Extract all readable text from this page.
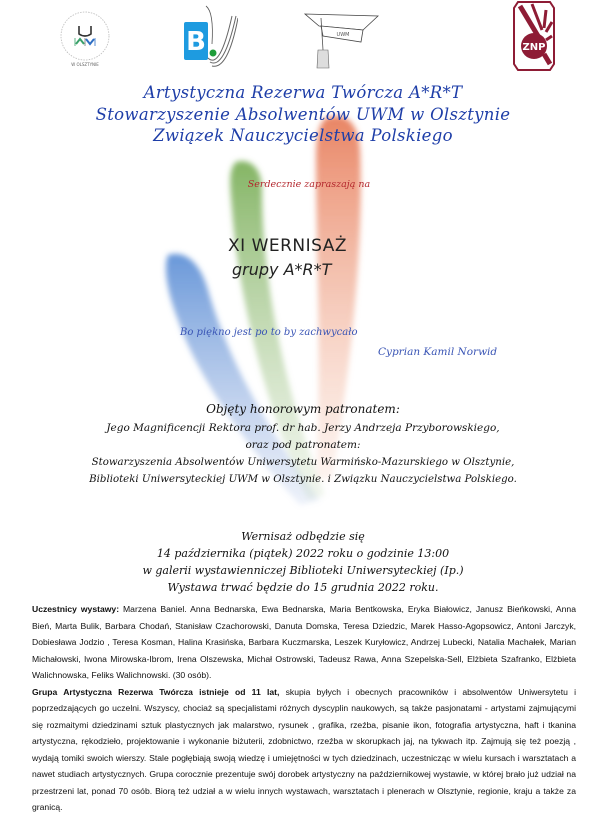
W OLSZTYNIE
B	UWM
ZNP
Artystyczna Rezerwa Twórcza A*R*T
Stowarzyszenie Absolwentów UWM w Olsztynie
Związek Nauczycielstwa Polskiego
Serdecznie zapraszają na
XI WERNISAŻ
grupy A*R*T
Bo piękno jest po to by zachwycało
Cyprian Kamil Norwid
Objęty honorowym patronatem:
Jego Magnificencji Rektora prof. dr hab. Jerzy Andrzeja Przyborowskiego,
oraz pod patronatem:
Stowarzyszenia Absolwentów Uniwersytetu Warmińsko-Mazurskiego w Olsztynie,
Biblioteki Uniwersyteckiej UWM w Olsztynie. i Związku Nauczycielstwa Polskiego.
Wernisaż odbędzie się
14 października (piątek) 2022 roku o godzinie 13:00
w galerii wystawienniczej Biblioteki Uniwersyteckiej (Ip.)
Wystawa trwać będzie do 15 grudnia 2022 roku.

Uczestnicy wystawy: Marzena Baniel. Anna Bednarska, Ewa Bednarska, Maria Bentkowska, Eryka Białowicz, Janusz Bieńkowski, Anna Bień, Marta Bulik, Barbara Chodań, Stanisław Czachorowski, Danuta Domska, Teresa Dziedzic, Marek Hasso-Agopsowicz, Antoni Jarczyk, Dobiesława Jodzio , Teresa Kosman, Halina Krasińska, Barbara Kuczmarska, Leszek Kuryłowicz, Andrzej Lubecki, Natalia Machałek, Marian Michałowski, Iwona Mirowska-Ibrom, Irena Olszewska, Michał Ostrowski, Tadeusz Rawa, Anna Szepelska-Sell, Elżbieta Szafranko, Elżbieta Walichnowska, Feliks Walichnowski. (30 osób).

Grupa Artystyczna Rezerwa Twórcza istnieje od 11 lat, skupia byłych i obecnych pracowników i absolwentów Uniwersytetu i poprzedzających go uczelni. Wszyscy, chociaż są specjalistami różnych dyscyplin naukowych, są także pasjonatami - artystami zajmującymi się rozmaitymi dziedzinami sztuk plastycznych jak malarstwo, rysunek , grafika, rzeźba, pisanie ikon, fotografia artystyczna, haft i tkanina artystyczna, rękodzieło, projektowanie i wykonanie biżuterii, zdobnictwo, rzeźba w skorupkach jaj, na tykwach itp. Zajmują się też poezją , wydają tomiki swoich wierszy. Stale pogłębiają swoją wiedzę i umiejętności w tych dziedzinach, uczestnicząc w wielu kursach i warsztatach a nawet studiach artystycznych. Grupa corocznie prezentuje swój dorobek artystyczny na październikowej wystawie, w której brało już udział na przestrzeni lat, ponad 70 osób. Biorą też udział a w wielu innych wystawach, warsztatach i plenerach w Olsztynie, regionie, kraju a także za granicą.
